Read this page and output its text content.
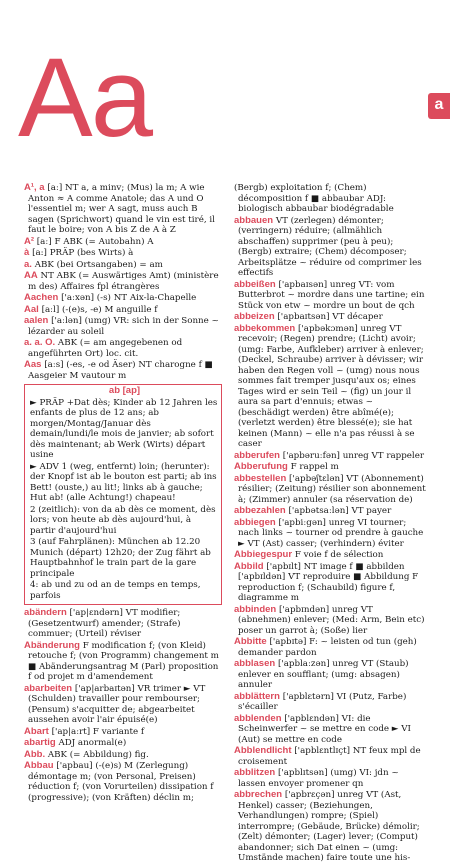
Aa	a
A¹, a [aː] NT a, a minv; (Mus) la m; A wie Anton ≈ A comme Anatole; das A und O l'essentiel m; wer A sagt, muss auch B sagen (Sprichwort) quand le vin est tiré, il faut le boire; von A bis Z de A à Z
A² [aː] F ABK (= Autobahn) A
à [a:] PRÄP (bes Wirts) à
a. ABK (bei Ortsangaben) = am
AA NT ABK (= Auswärtiges Amt) (ministère m des) Affaires fpl étrangères
Aachen ['aːxən] (-s) NT Aix-la-Chapelle
Aal [aːl] (-(e)s, -e) M anguille f
aalen ['aːlən] (umg) VR: sich in der Sonne ~ lézarder au soleil
a. a. O. ABK (= am angegebenen od angeführten Ort) loc. cit.
Aas [aːs] (-es, -e od Äser) NT charogne f ■ Aasgeier M vautour m
ab [ap]
► PRÄP +Dat dès; Kinder ab 12 Jahren les enfants de plus de 12 ans; ab morgen/Montag/Januar dès demain/lundi/le mois de janvier; ab sofort dès maintenant; ab Werk (Wirts) départ usine
► ADV 1 (weg, entfernt) loin; (herunter): der Knopf ist ab le bouton est parti; ab ins Bett! (ouste,) au lit!; links ab à gauche; Hut ab! (alle Achtung!) chapeau!
2 (zeitlich): von da ab dès ce moment, dès lors; von heute ab dès aujourd'hui, à partir d'aujourd'hui
3 (auf Fahrplänen): München ab 12.20 Munich (départ) 12h20; der Zug fährt ab Hauptbahnhof le train part de la gare principale
4: ab und zu od an de temps en temps, parfois
abändern ['ap|ɛndərn] VT modifier; (Gesetzentwurf) amender; (Strafe) commuer; (Urteil) réviser
Abänderung F modification f; (von Kleid) retouche f; (von Programm) changement m ■ Abänderungsantrag M (Parl) proposition f od projet m d'amendement
abarbeiten ['ap|arbaɪtən] VR trimer ► VT (Schulden) travailler pour rembourser; (Pensum) s'acquitter de; abgearbeitet aussehen avoir l'air épuisé(e)
Abart ['ap|aːrt] F variante f
abartig ADJ anormal(e)
Abb. ABK (= Abbildung) fig.
Abbau ['apbau] (-(e)s) M (Zerlegung) démontage m; (von Personal, Preisen) réduction f; (von Vorurteilen) dissipation f (progressive); (von Kräften) déclin m;
(Bergb) exploitation f; (Chem) décomposition f ■ abbaubar ADJ: biologisch abbaubar biodégradable
abbauen VT (zerlegen) démonter; (verringern) réduire; (allmählich abschaffen) supprimer (peu à peu); (Bergb) extraire; (Chem) décomposer; Arbeitsplätze ~ réduire od comprimer les effectifs
abbeißen ['apbaɪsən] unreg VT: vom Butterbrot ~ mordre dans une tartine; ein Stück von etw ~ mordre un bout de qch
abbeizen ['apbaɪtsən] VT décaper
abbekommen ['apbəkɔmən] unreg VT recevoir; (Regen) prendre; (Licht) avoir; (umg: Farbe, Aufkleber) arriver à enlever; (Deckel, Schraube) arriver à dévisser; wir haben den Regen voll ~ (umg) nous nous sommes fait tremper jusqu'aux os; eines Tages wird er sein Teil ~ (fig) un jour il aura sa part d'ennuis; etwas ~ (beschädigt werden) être abîmé(e); (verletzt werden) être blessé(e); sie hat keinen (Mann) ~ elle n'a pas réussi à se caser
abberufen ['apbəruːfən] unreg VT rappeler
Abberufung F rappel m
abbestellen ['apbəʃtɛlən] VT (Abonnement) résilier; (Zeitung) résilier son abonnement à; (Zimmer) annuler (sa réservation de)
abbezahlen ['apbətsaːlən] VT payer
abbiegen ['apbiːgən] unreg VI tourner; nach links ~ tourner od prendre à gauche ► VT (Ast) casser; (verhindern) éviter
Abbiegespur F voie f de sélection
Abbild ['apbɪlt] NT image f ■ abbilden ['apbɪldən] VT reproduire ■ Abbildung F reproduction f; (Schaubild) figure f, diagramme m
abbinden ['apbɪndən] unreg VT (abnehmen) enlever; (Med: Arm, Bein etc) poser un garrot à; (Soße) lier
Abbitte ['apbɪtə] F: ~ leisten od tun (geh) demander pardon
abblasen ['apblaːzən] unreg VT (Staub) enlever en soufflant; (umg: absagen) annuler
abblättern ['apblɛtərn] VI (Putz, Farbe) s'écailler
abblenden ['apblɛndən] VI: die Scheinwerfer ~ se mettre en code ► VI (Aut) se mettre en code
Abblendlicht ['apblɛntlɪçt] NT feux mpl de croisement
abblitzen ['apblɪtsən] (umg) VI: jdn ~ lassen envoyer promener qn
abbrechen ['apbrɛçən] unreg VT (Ast, Henkel) casser; (Beziehungen, Verhandlungen) rompre; (Spiel) interrompre; (Gebäude, Brücke) démolir; (Zelt) démonter; (Lager) lever; (Comput) abandonner; sich Dat einen ~ (umg: Umstände machen) faire toute une his-
